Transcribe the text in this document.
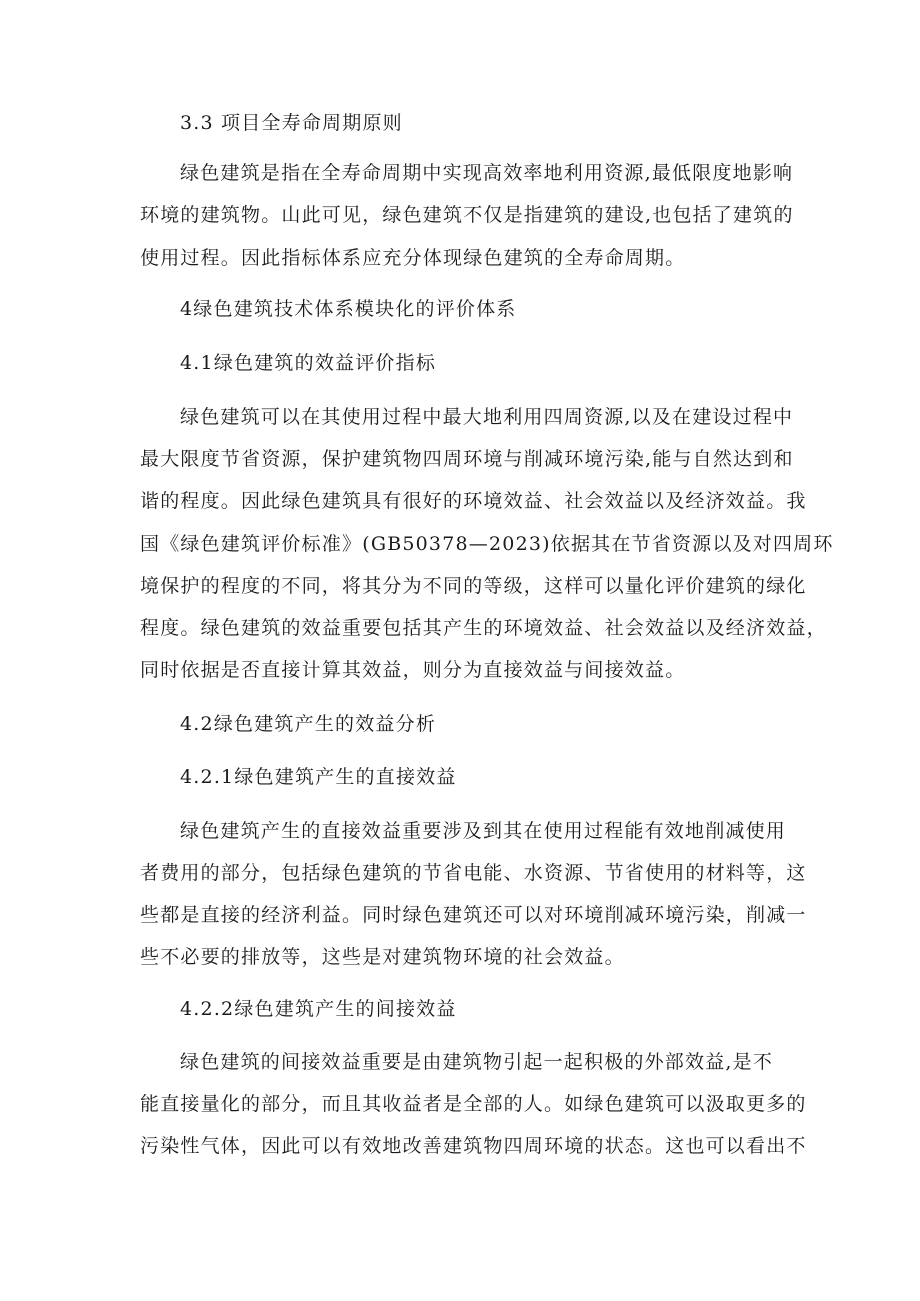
3.3 项目全寿命周期原则
绿色建筑是指在全寿命周期中实现高效率地利用资源,最低限度地影响
环境的建筑物。山此可见，绿色建筑不仅是指建筑的建设,也包括了建筑的
使用过程。因此指标体系应充分体现绿色建筑的全寿命周期。
4绿色建筑技术体系模块化的评价体系
4.1绿色建筑的效益评价指标
绿色建筑可以在其使用过程中最大地利用四周资源,以及在建设过程中
最大限度节省资源，保护建筑物四周环境与削减环境污染,能与自然达到和
谐的程度。因此绿色建筑具有很好的环境效益、社会效益以及经济效益。我
国《绿色建筑评价标准》(GB50378—2023)依据其在节省资源以及对四周环
境保护的程度的不同，将其分为不同的等级，这样可以量化评价建筑的绿化
程度。绿色建筑的效益重要包括其产生的环境效益、社会效益以及经济效益，
同时依据是否直接计算其效益，则分为直接效益与间接效益。
4.2绿色建筑产生的效益分析
4.2.1绿色建筑产生的直接效益
绿色建筑产生的直接效益重要涉及到其在使用过程能有效地削减使用
者费用的部分，包括绿色建筑的节省电能、水资源、节省使用的材料等，这
些都是直接的经济利益。同时绿色建筑还可以对环境削减环境污染，削减一
些不必要的排放等，这些是对建筑物环境的社会效益。
4.2.2绿色建筑产生的间接效益
绿色建筑的间接效益重要是由建筑物引起一起积极的外部效益,是不
能直接量化的部分，而且其收益者是全部的人。如绿色建筑可以汲取更多的
污染性气体，因此可以有效地改善建筑物四周环境的状态。这也可以看出不
